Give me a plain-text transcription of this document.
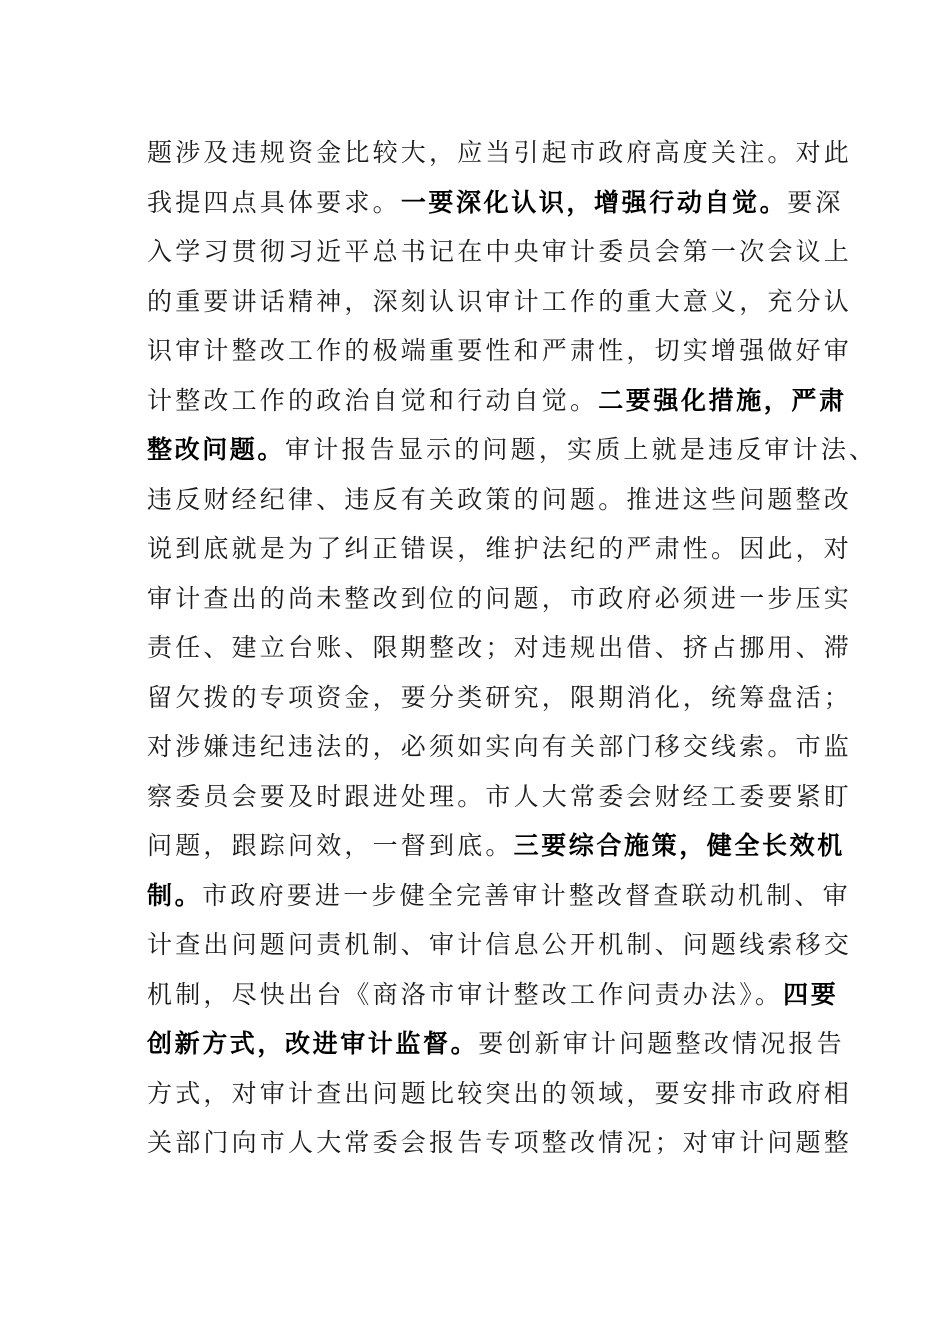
题涉及违规资金比较大，应当引起市政府高度关注。对此
我提四点具体要求。一要深化认识，增强行动自觉。要深
入学习贯彻习近平总书记在中央审计委员会第一次会议上
的重要讲话精神，深刻认识审计工作的重大意义，充分认
识审计整改工作的极端重要性和严肃性，切实增强做好审
计整改工作的政治自觉和行动自觉。二要强化措施，严肃
整改问题。审计报告显示的问题，实质上就是违反审计法、
违反财经纪律、违反有关政策的问题。推进这些问题整改
说到底就是为了纠正错误，维护法纪的严肃性。因此，对
审计查出的尚未整改到位的问题，市政府必须进一步压实
责任、建立台账、限期整改；对违规出借、挤占挪用、滞
留欠拨的专项资金，要分类研究，限期消化，统筹盘活；
对涉嫌违纪违法的，必须如实向有关部门移交线索。市监
察委员会要及时跟进处理。市人大常委会财经工委要紧盯
问题，跟踪问效，一督到底。三要综合施策，健全长效机
制。市政府要进一步健全完善审计整改督查联动机制、审
计查出问题问责机制、审计信息公开机制、问题线索移交
机制，尽快出台《商洛市审计整改工作问责办法》。四要
创新方式，改进审计监督。要创新审计问题整改情况报告
方式，对审计查出问题比较突出的领域，要安排市政府相
关部门向市人大常委会报告专项整改情况；对审计问题整
